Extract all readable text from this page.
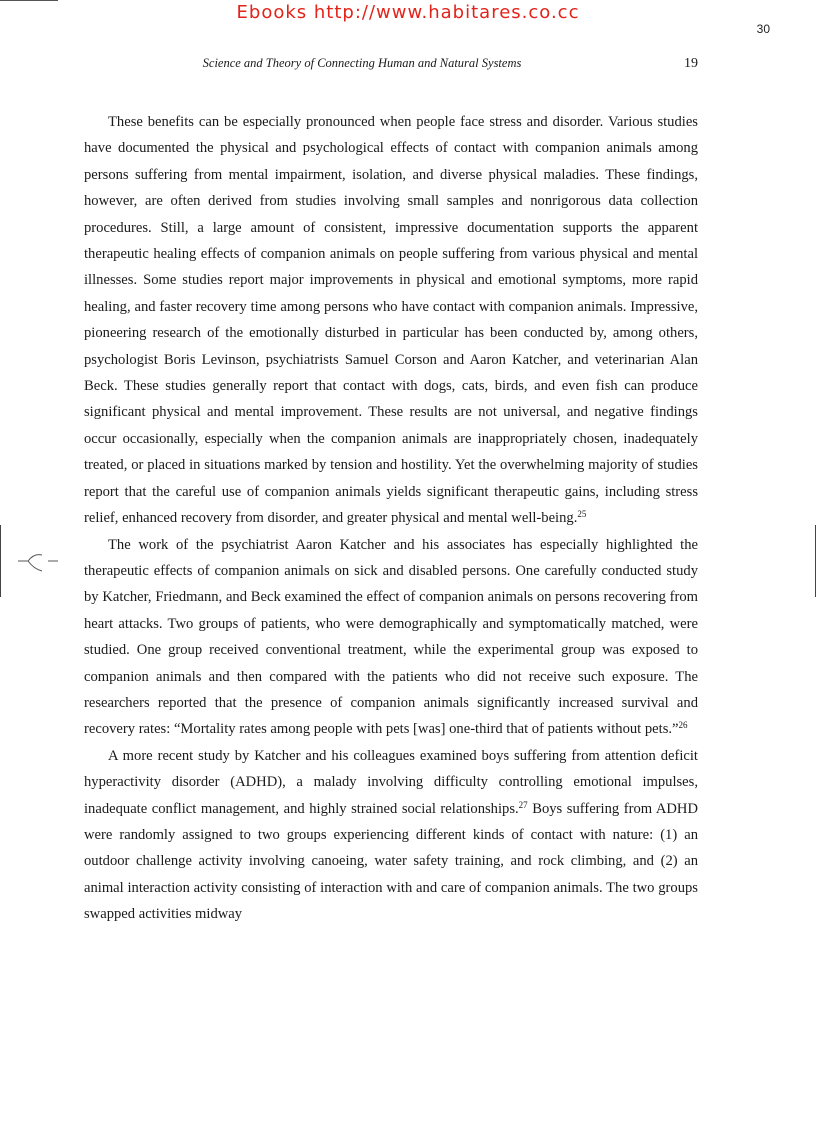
Ebooks http://www.habitares.co.cc
30
Science and Theory of Connecting Human and Natural Systems	19

These benefits can be especially pronounced when people face stress and disorder. Various studies have documented the physical and psychological effects of contact with companion animals among persons suffering from mental impairment, isolation, and diverse physical maladies. These findings, however, are often derived from studies involving small samples and nonrigorous data collection procedures. Still, a large amount of consistent, impressive documentation supports the apparent therapeutic healing effects of companion animals on people suffering from various physical and mental illnesses. Some studies report major improvements in physical and emotional symptoms, more rapid healing, and faster recovery time among persons who have contact with companion animals. Impressive, pioneering research of the emotionally disturbed in particular has been conducted by, among others, psychologist Boris Levinson, psychiatrists Samuel Corson and Aaron Katcher, and veterinarian Alan Beck. These studies generally report that contact with dogs, cats, birds, and even fish can produce significant physical and mental improvement. These results are not universal, and negative findings occur occasionally, especially when the companion animals are inappropriately chosen, inadequately treated, or placed in situations marked by tension and hostility. Yet the overwhelming majority of studies report that the careful use of companion animals yields significant therapeutic gains, including stress relief, enhanced recovery from disorder, and greater physical and mental well-being.$^{25}$

The work of the psychiatrist Aaron Katcher and his associates has especially highlighted the therapeutic effects of companion animals on sick and disabled persons. One carefully conducted study by Katcher, Friedmann, and Beck examined the effect of companion animals on persons recovering from heart attacks. Two groups of patients, who were demographically and symptomatically matched, were studied. One group received conventional treatment, while the experimental group was exposed to companion animals and then compared with the patients who did not receive such exposure. The researchers reported that the presence of companion animals significantly increased survival and recovery rates: “Mortality rates among people with pets [was] one-third that of patients without pets.”$^{26}$

A more recent study by Katcher and his colleagues examined boys suffering from attention deficit hyperactivity disorder (ADHD), a malady involving difficulty controlling emotional impulses, inadequate conflict management, and highly strained social relationships.$^{27}$ Boys suffering from ADHD were randomly assigned to two groups experiencing different kinds of contact with nature: (1) an outdoor challenge activity involving canoeing, water safety training, and rock climbing, and (2) an animal interaction activity consisting of interaction with and care of companion animals. The two groups swapped activities midway
